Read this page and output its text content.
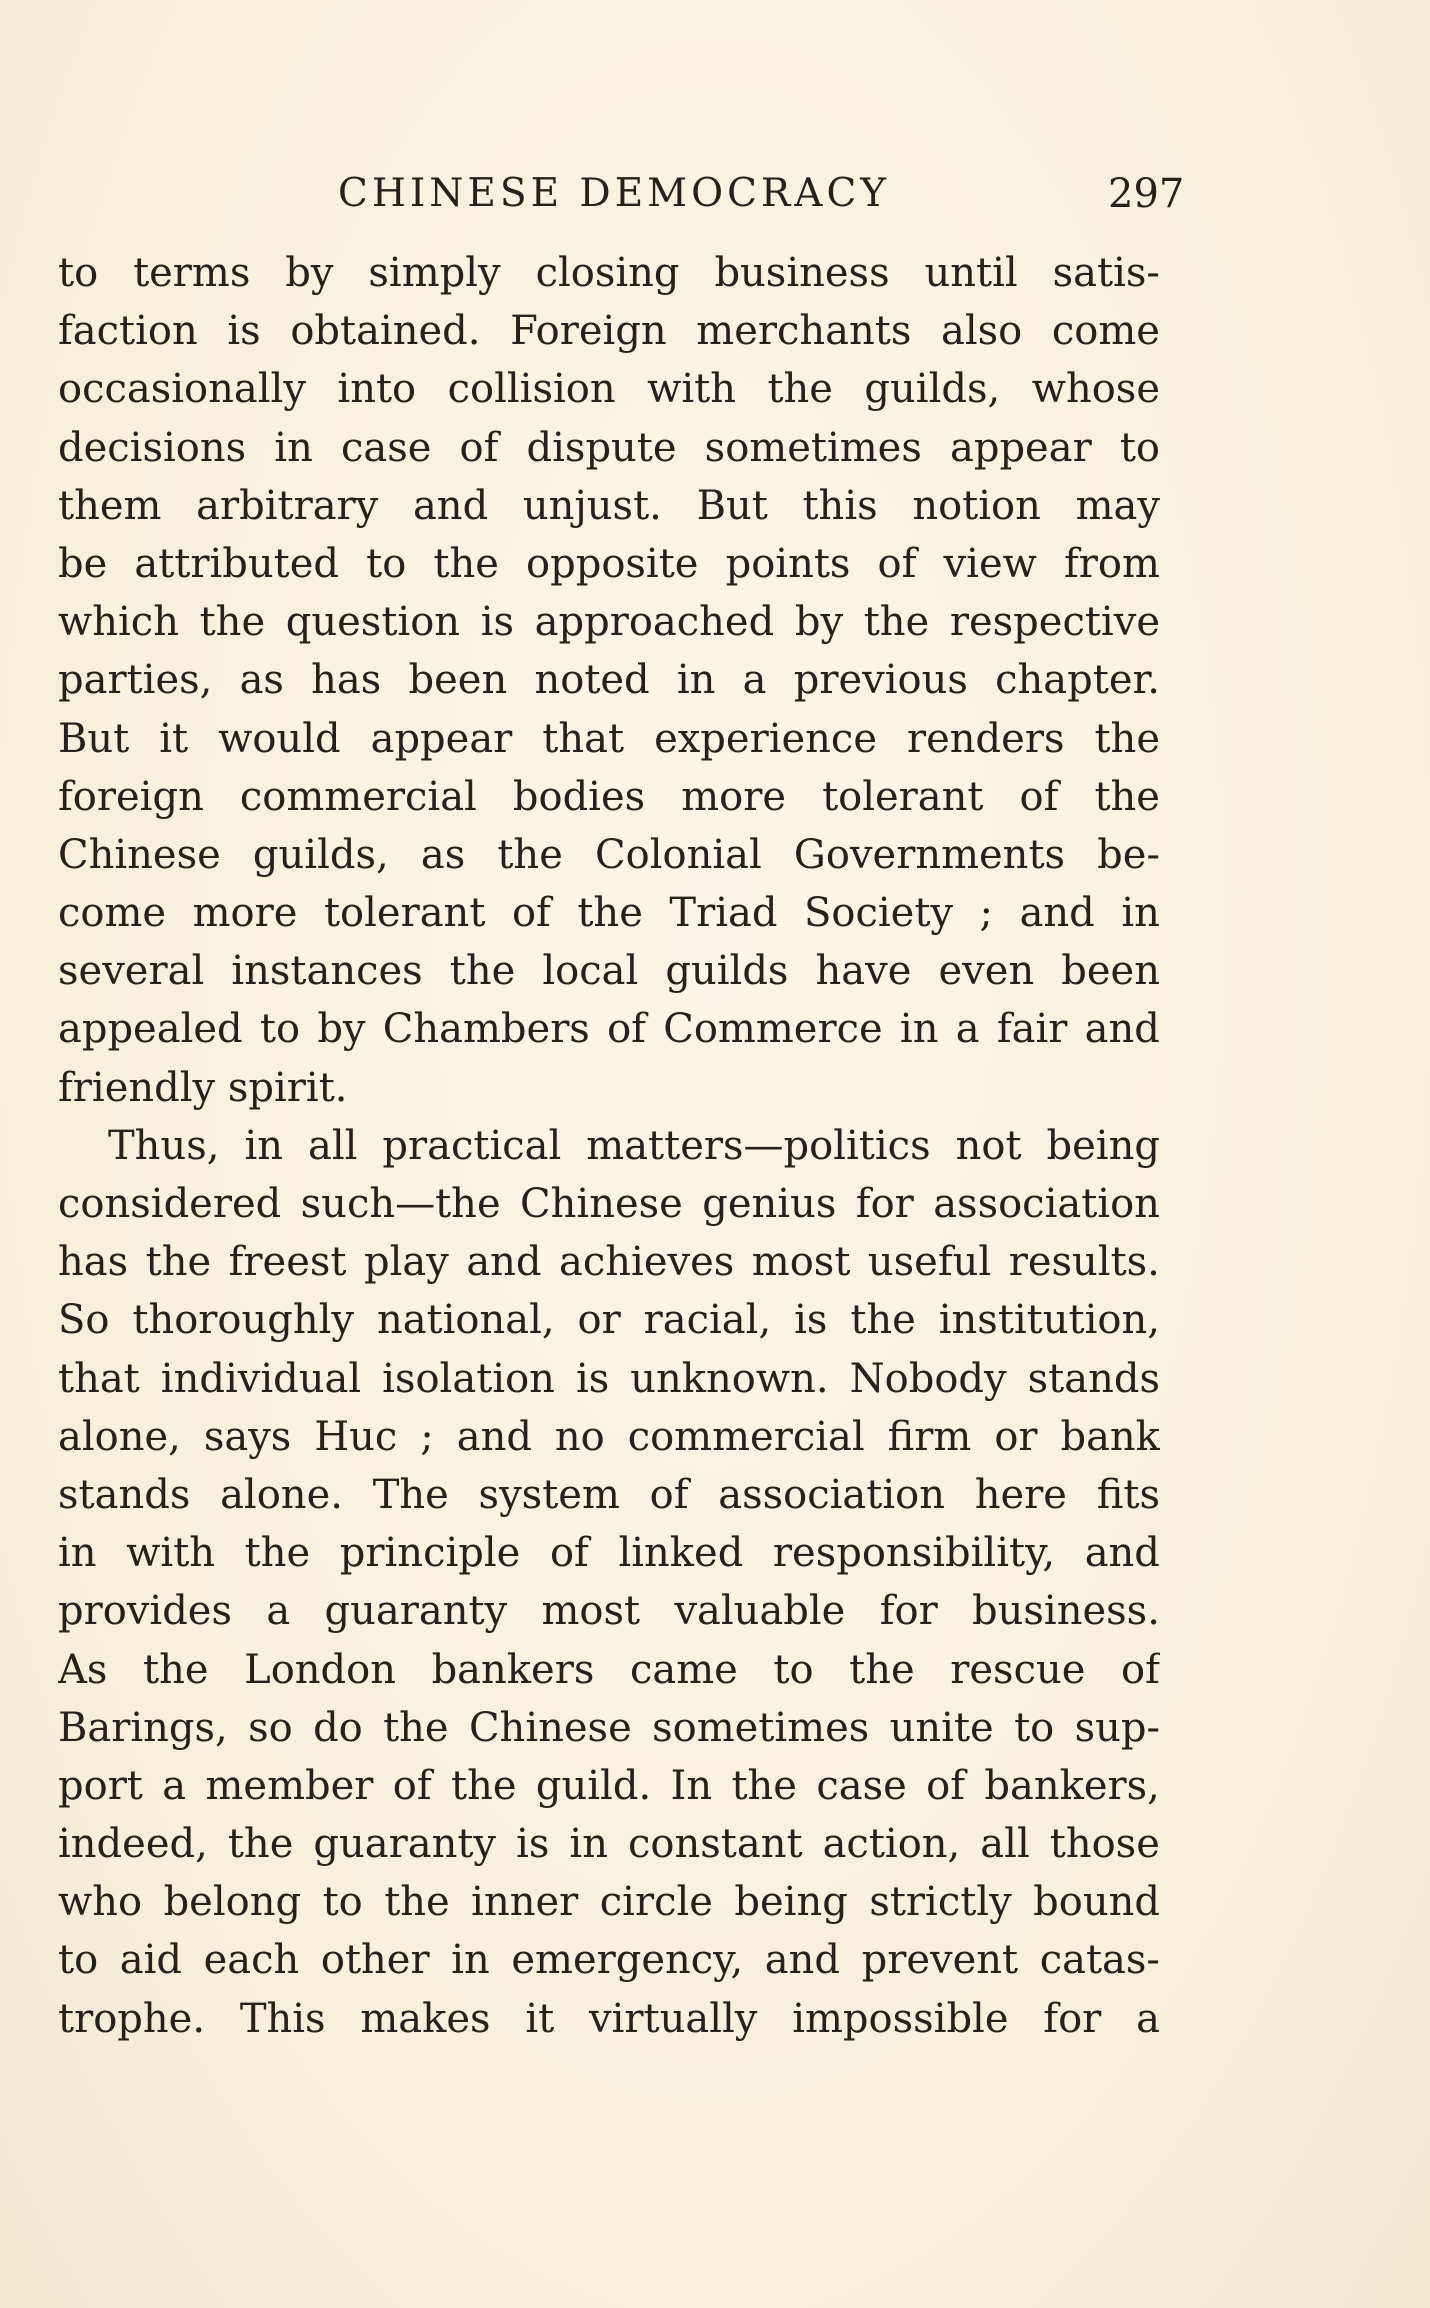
CHINESE DEMOCRACY	297
to terms by simply closing business until satis-
faction is obtained. Foreign merchants also come
occasionally into collision with the guilds, whose
decisions in case of dispute sometimes appear to
them arbitrary and unjust. But this notion may
be attributed to the opposite points of view from
which the question is approached by the respective
parties, as has been noted in a previous chapter.
But it would appear that experience renders the
foreign commercial bodies more tolerant of the
Chinese guilds, as the Colonial Governments be-
come more tolerant of the Triad Society ; and in
several instances the local guilds have even been
appealed to by Chambers of Commerce in a fair and
friendly spirit.
Thus, in all practical matters—politics not being
considered such—the Chinese genius for association
has the freest play and achieves most useful results.
So thoroughly national, or racial, is the institution,
that individual isolation is unknown. Nobody stands
alone, says Huc ; and no commercial firm or bank
stands alone. The system of association here fits
in with the principle of linked responsibility, and
provides a guaranty most valuable for business.
As the London bankers came to the rescue of
Barings, so do the Chinese sometimes unite to sup-
port a member of the guild. In the case of bankers,
indeed, the guaranty is in constant action, all those
who belong to the inner circle being strictly bound
to aid each other in emergency, and prevent catas-
trophe. This makes it virtually impossible for a
